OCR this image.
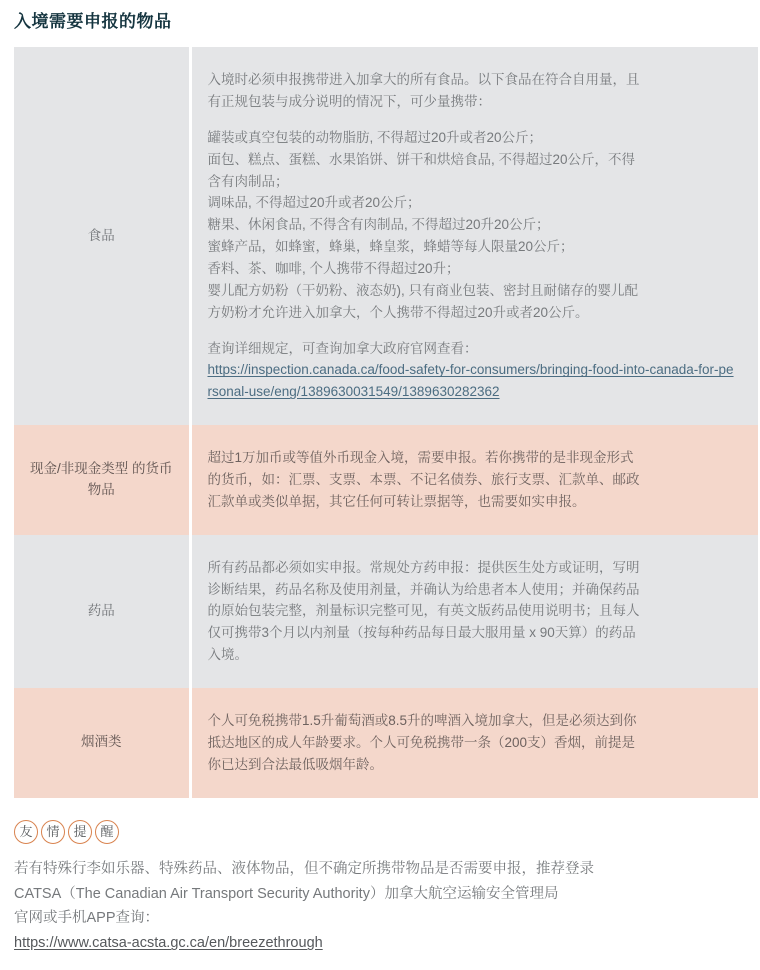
入境需要申报的物品
食品	
入境时必须申报携带进入加拿大的所有食品。以下食品在符合自用量，且
有正规包装与成分说明的情况下，可少量携带：
罐装或真空包装的动物脂肪, 不得超过20升或者20公斤；
面包、糕点、蛋糕、水果馅饼、饼干和烘焙食品, 不得超过20公斤，不得
含有肉制品；
调味品, 不得超过20升或者20公斤；
糖果、休闲食品, 不得含有肉制品, 不得超过20升20公斤；
蜜蜂产品，如蜂蜜，蜂巢，蜂皇浆，蜂蜡等每人限量20公斤；
香料、茶、咖啡, 个人携带不得超过20升；
婴儿配方奶粉（干奶粉、液态奶), 只有商业包装、密封且耐储存的婴儿配
方奶粉才允许进入加拿大，个人携带不得超过20升或者20公斤。
查询详细规定，可查询加拿大政府官网查看：
https://inspection.canada.ca/food-safety-for-consumers/bringing-food-into-canada-for-personal-use/eng/1389630031549/1389630282362

现金/非现金类型 的货币物品	超过1万加币或等值外币现金入境，需要申报。若你携带的是非现金形式
的货币，如：汇票、支票、本票、不记名债券、旅行支票、汇款单、邮政
汇款单或类似单据，其它任何可转让票据等，也需要如实申报。

药品	所有药品都必须如实申报。常规处方药申报：提供医生处方或证明，写明
诊断结果，药品名称及使用剂量，并确认为给患者本人使用；并确保药品
的原始包装完整，剂量标识完整可见，有英文版药品使用说明书；且每人
仅可携带3个月以内剂量（按每种药品每日最大服用量 x 90天算）的药品
入境。

烟酒类	个人可免税携带1.5升葡萄酒或8.5升的啤酒入境加拿大，但是必须达到你
抵达地区的成人年龄要求。个人可免税携带一条（200支）香烟，前提是
你已达到合法最低吸烟年龄。
友	情	提	醒
若有特殊行李如乐器、特殊药品、液体物品，但不确定所携带物品是否需要申报，推荐登录
CATSA（The Canadian Air Transport Security Authority）加拿大航空运输安全管理局
官网或手机APP查询：
https://www.catsa-acsta.gc.ca/en/breezethrough
